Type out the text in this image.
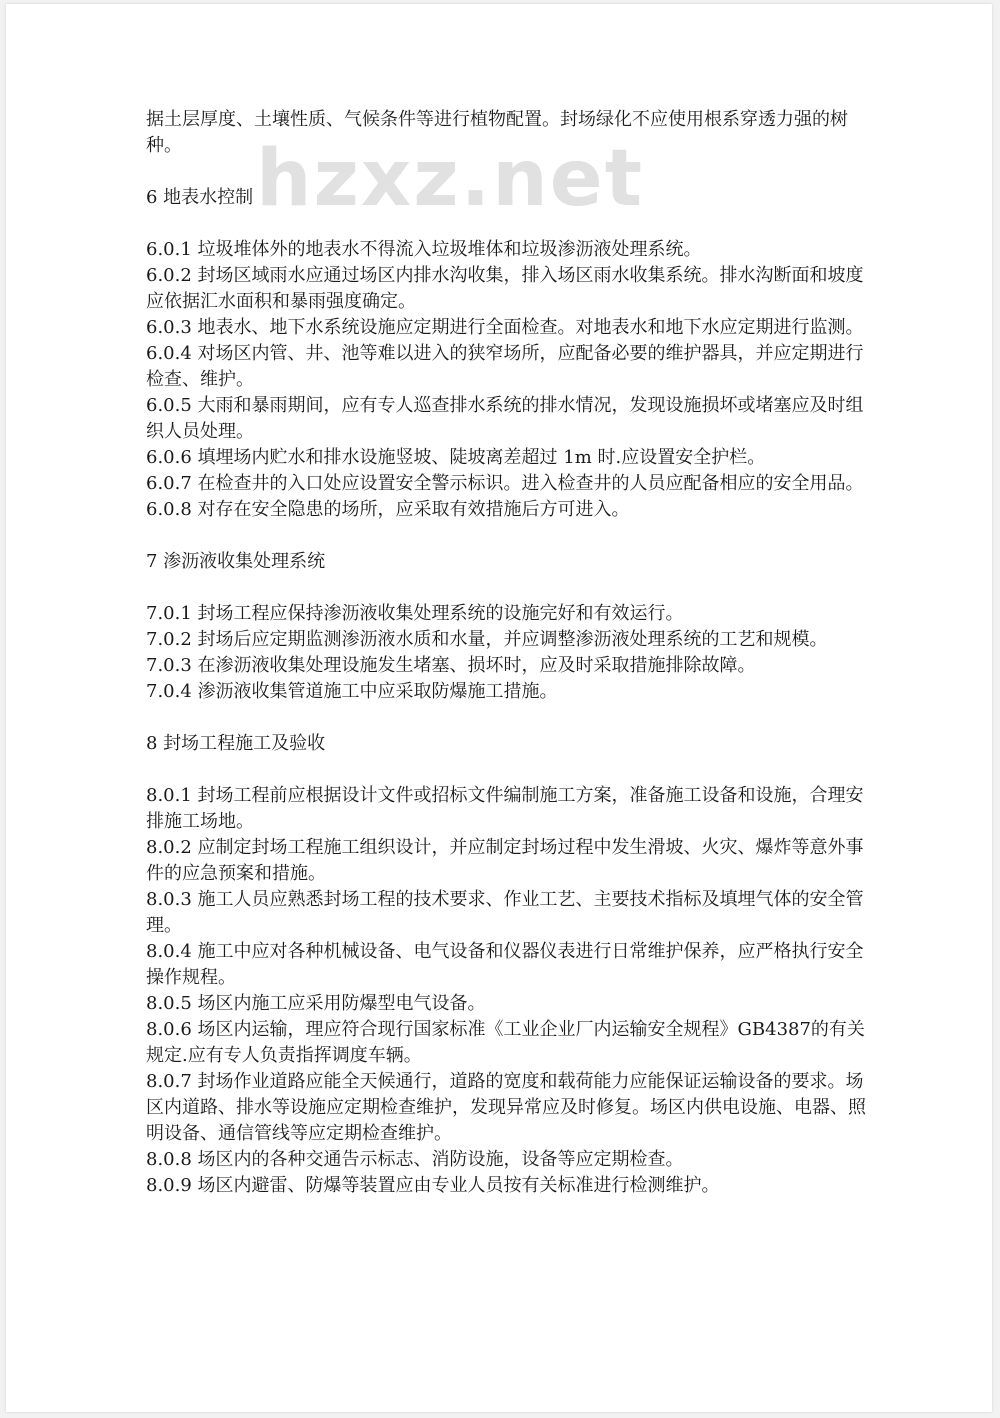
hzxz.net

据土层厚度、土壤性质、气候条件等进行植物配置。封场绿化不应使用根系穿透力强的树种。

6 地表水控制

6.0.1 垃圾堆体外的地表水不得流入垃圾堆体和垃圾渗沥液处理系统。

6.0.2 封场区域雨水应通过场区内排水沟收集，排入场区雨水收集系统。排水沟断面和坡度应依据汇水面积和暴雨强度确定。

6.0.3 地表水、地下水系统设施应定期进行全面检查。对地表水和地下水应定期进行监测。

6.0.4 对场区内管、井、池等难以进入的狭窄场所，应配备必要的维护器具，并应定期进行检查、维护。

6.0.5 大雨和暴雨期间，应有专人巡查排水系统的排水情况，发现设施损坏或堵塞应及时组织人员处理。

6.0.6 填埋场内贮水和排水设施竖坡、陡坡离差超过 1m 时.应设置安全护栏。

6.0.7 在检查井的入口处应设置安全警示标识。进入检查井的人员应配备相应的安全用品。

6.0.8 对存在安全隐患的场所，应采取有效措施后方可进入。

7 渗沥液收集处理系统

7.0.1 封场工程应保持渗沥液收集处理系统的设施完好和有效运行。

7.0.2 封场后应定期监测渗沥液水质和水量，并应调整渗沥液处理系统的工艺和规模。

7.0.3 在渗沥液收集处理设施发生堵塞、损坏时，应及时采取措施排除故障。

7.0.4 渗沥液收集管道施工中应采取防爆施工措施。

8 封场工程施工及验收

8.0.1 封场工程前应根据设计文件或招标文件编制施工方案，准备施工设备和设施，合理安排施工场地。

8.0.2 应制定封场工程施工组织设计，并应制定封场过程中发生滑坡、火灾、爆炸等意外事件的应急预案和措施。

8.0.3 施工人员应熟悉封场工程的技术要求、作业工艺、主要技术指标及填埋气体的安全管理。

8.0.4 施工中应对各种机械设备、电气设备和仪器仪表进行日常维护保养，应严格执行安全操作规程。

8.0.5 场区内施工应采用防爆型电气设备。

8.0.6 场区内运输，理应符合现行国家标准《工业企业厂内运输安全规程》GB4387的有关规定.应有专人负责指挥调度车辆。

8.0.7 封场作业道路应能全天候通行，道路的宽度和载荷能力应能保证运输设备的要求。场区内道路、排水等设施应定期检查维护，发现异常应及时修复。场区内供电设施、电器、照明设备、通信管线等应定期检查维护。

8.0.8 场区内的各种交通告示标志、消防设施，设备等应定期检查。

8.0.9 场区内避雷、防爆等装置应由专业人员按有关标准进行检测维护。
